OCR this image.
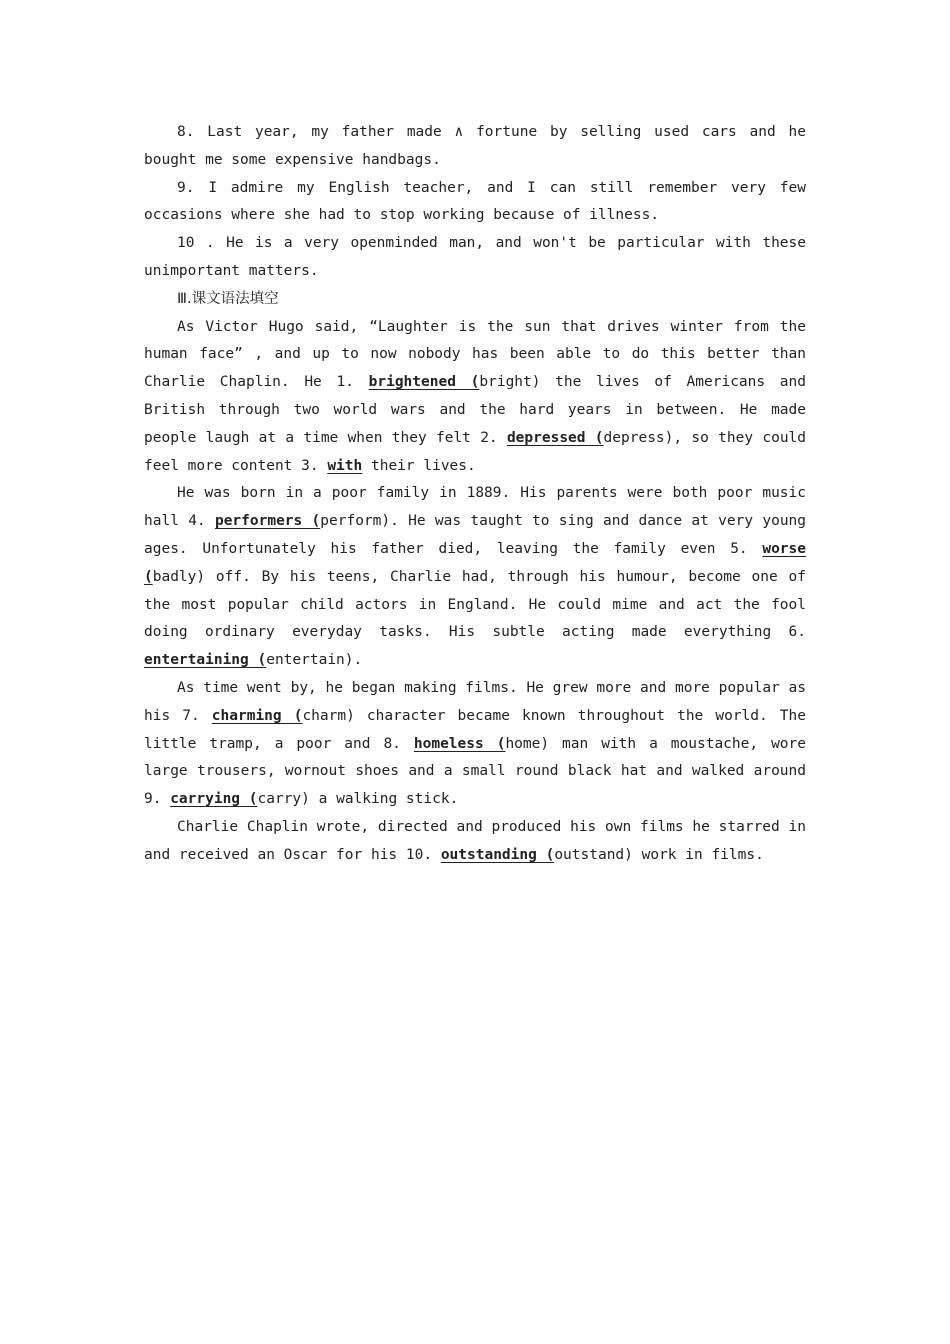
8. Last year, my father made ∧ fortune by selling used cars and he bought me some expensive handbags.

9. I admire my English teacher, and I can still remember very few occasions where she had to stop working because of illness.

10 . He is a very openminded man, and won't be particular with these unimportant matters.

Ⅲ.课文语法填空

As Victor Hugo said, “Laughter is the sun that drives winter from the human face” , and up to now nobody has been able to do this better than Charlie Chaplin. He 1. brightened (bright) the lives of Americans and British through two world wars and the hard years in between. He made people laugh at a time when they felt 2. depressed (depress), so they could feel more content 3. with their lives.

He was born in a poor family in 1889. His parents were both poor music hall 4. performers (perform). He was taught to sing and dance at very young ages. Unfortunately his father died, leaving the family even 5. worse (badly) off. By his teens, Charlie had, through his humour, become one of the most popular child actors in England. He could mime and act the fool doing ordinary everyday tasks. His subtle acting made everything 6. entertaining (entertain).

As time went by, he began making films. He grew more and more popular as his 7. charming (charm) character became known throughout the world. The little tramp, a poor and 8. homeless (home) man with a moustache, wore large trousers, wornout shoes and a small round black hat and walked around 9. carrying (carry) a walking stick.

Charlie Chaplin wrote, directed and produced his own films he starred in and received an Oscar for his 10. outstanding (outstand) work in films.
